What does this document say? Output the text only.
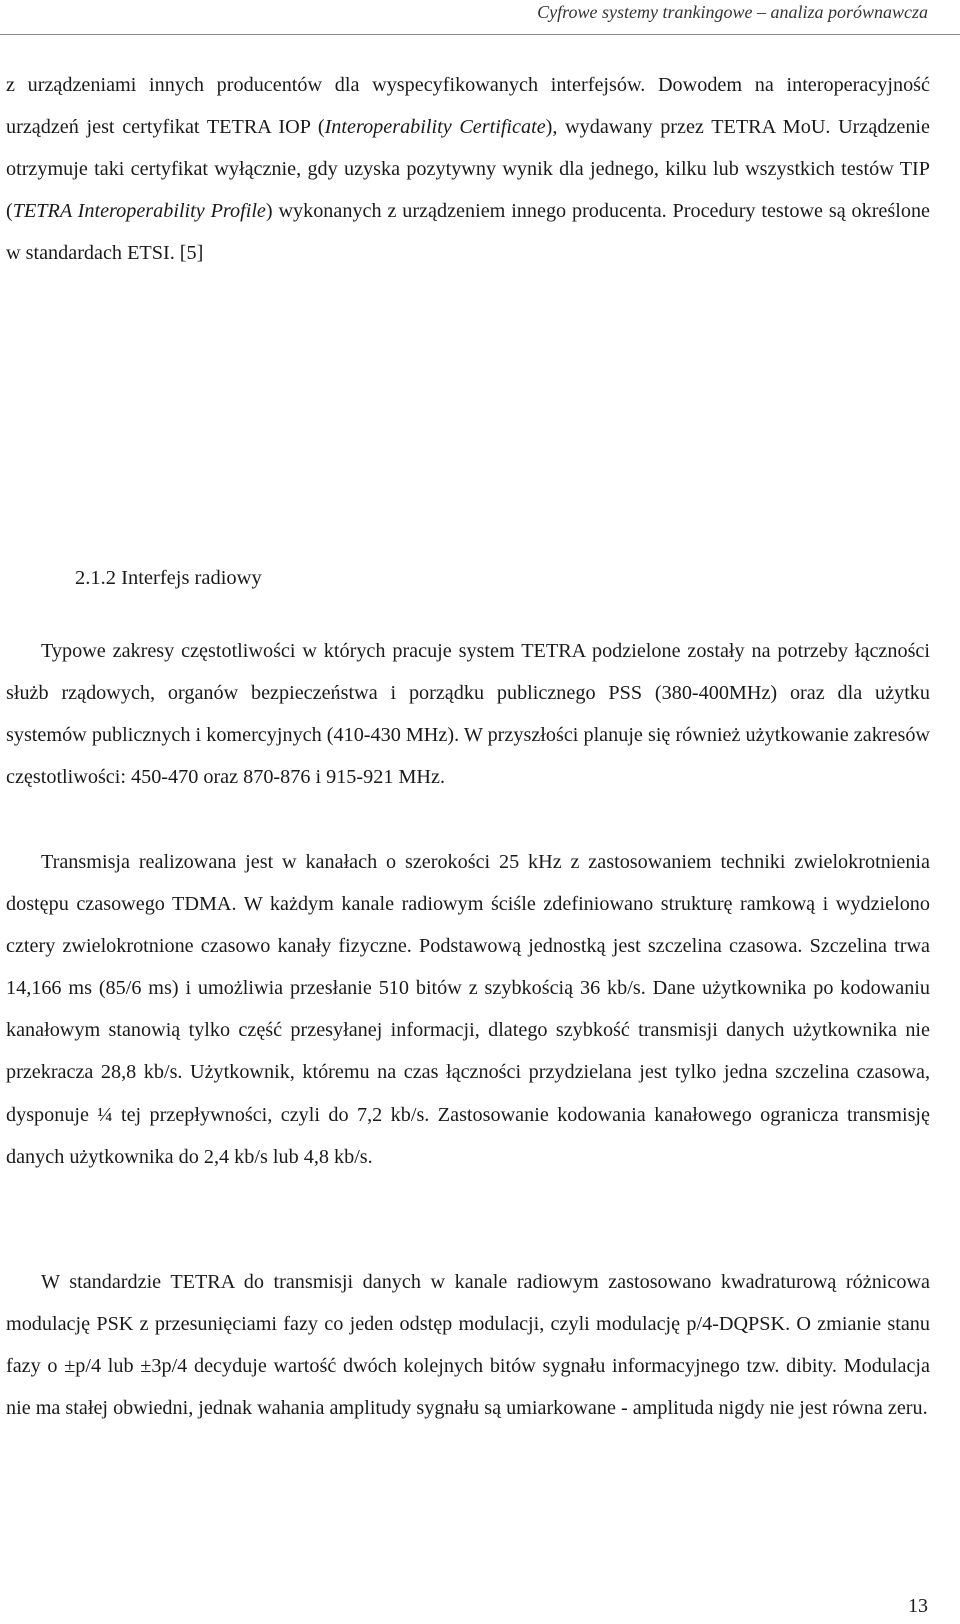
Cyfrowe systemy trankingowe – analiza porównawcza

z urządzeniami innych producentów dla wyspecyfikowanych interfejsów. Dowodem na interoperacyjność urządzeń jest certyfikat TETRA IOP (Interoperability Certificate), wydawany przez TETRA MoU. Urządzenie otrzymuje taki certyfikat wyłącznie, gdy uzyska pozytywny wynik dla jednego, kilku lub wszystkich testów TIP (TETRA Interoperability Profile) wykonanych z urządzeniem innego producenta. Procedury testowe są określone w standardach ETSI. [5]

2.1.2 Interfejs radiowy

Typowe zakresy częstotliwości w których pracuje system TETRA podzielone zostały na potrzeby łączności służb rządowych, organów bezpieczeństwa i porządku publicznego PSS (380-400MHz) oraz dla użytku systemów publicznych i komercyjnych (410-430 MHz). W przyszłości planuje się również użytkowanie zakresów częstotliwości: 450-470 oraz 870-876 i 915-921 MHz.

Transmisja realizowana jest w kanałach o szerokości 25 kHz z zastosowaniem techniki zwielokrotnienia dostępu czasowego TDMA. W każdym kanale radiowym ściśle zdefiniowano strukturę ramkową i wydzielono cztery zwielokrotnione czasowo kanały fizyczne. Podstawową jednostką jest szczelina czasowa. Szczelina trwa 14,166 ms (85/6 ms) i umożliwia przesłanie 510 bitów z szybkością 36 kb/s. Dane użytkownika po kodowaniu kanałowym stanowią tylko część przesyłanej informacji, dlatego szybkość transmisji danych użytkownika nie przekracza 28,8 kb/s. Użytkownik, któremu na czas łączności przydzielana jest tylko jedna szczelina czasowa, dysponuje ¼ tej przepływności, czyli do 7,2 kb/s. Zastosowanie kodowania kanałowego ogranicza transmisję danych użytkownika do 2,4 kb/s lub 4,8 kb/s.

W standardzie TETRA do transmisji danych w kanale radiowym zastosowano kwadraturową różnicowa modulację PSK z przesunięciami fazy co jeden odstęp modulacji, czyli modulację p/4-DQPSK. O zmianie stanu fazy o ±p/4 lub ±3p/4 decyduje wartość dwóch kolejnych bitów sygnału informacyjnego tzw. dibity. Modulacja nie ma stałej obwiedni, jednak wahania amplitudy sygnału są umiarkowane - amplituda nigdy nie jest równa zeru.

13
